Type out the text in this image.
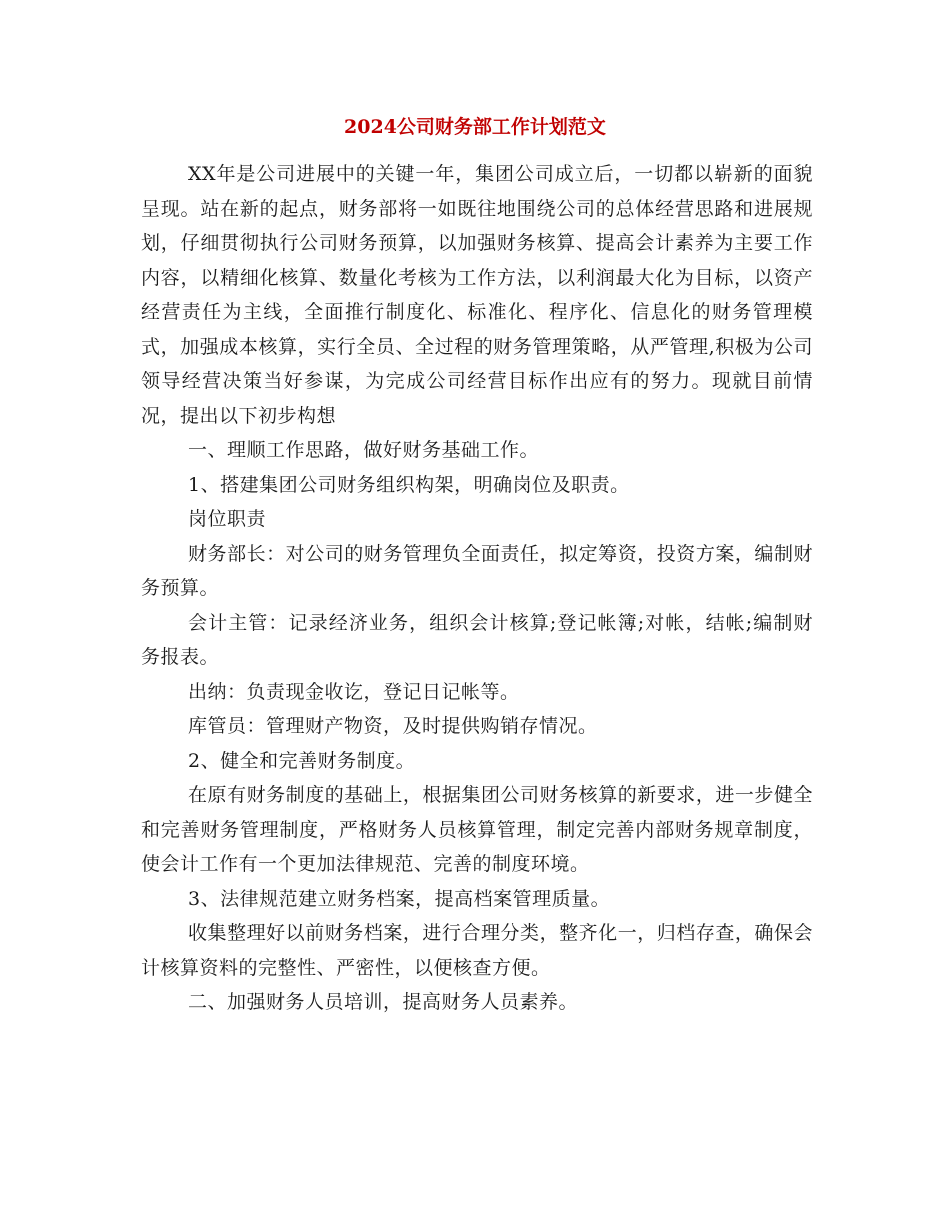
2024公司财务部工作计划范文

XX年是公司进展中的关键一年，集团公司成立后，一切都以崭新的面貌呈现。站在新的起点，财务部将一如既往地围绕公司的总体经营思路和进展规划，仔细贯彻执行公司财务预算，以加强财务核算、提高会计素养为主要工作内容，以精细化核算、数量化考核为工作方法，以利润最大化为目标，以资产经营责任为主线，全面推行制度化、标准化、程序化、信息化的财务管理模式，加强成本核算，实行全员、全过程的财务管理策略，从严管理,积极为公司领导经营决策当好参谋，为完成公司经营目标作出应有的努力。现就目前情况，提出以下初步构想

一、理顺工作思路，做好财务基础工作。

1、搭建集团公司财务组织构架，明确岗位及职责。

岗位职责

财务部长：对公司的财务管理负全面责任，拟定筹资，投资方案，编制财务预算。

会计主管：记录经济业务，组织会计核算;登记帐簿;对帐，结帐;编制财务报表。

出纳：负责现金收讫，登记日记帐等。

库管员：管理财产物资，及时提供购销存情况。

2、健全和完善财务制度。

在原有财务制度的基础上，根据集团公司财务核算的新要求，进一步健全和完善财务管理制度，严格财务人员核算管理，制定完善内部财务规章制度，使会计工作有一个更加法律规范、完善的制度环境。

3、法律规范建立财务档案，提高档案管理质量。

收集整理好以前财务档案，进行合理分类，整齐化一，归档存查，确保会计核算资料的完整性、严密性，以便核查方便。

二、加强财务人员培训，提高财务人员素养。
